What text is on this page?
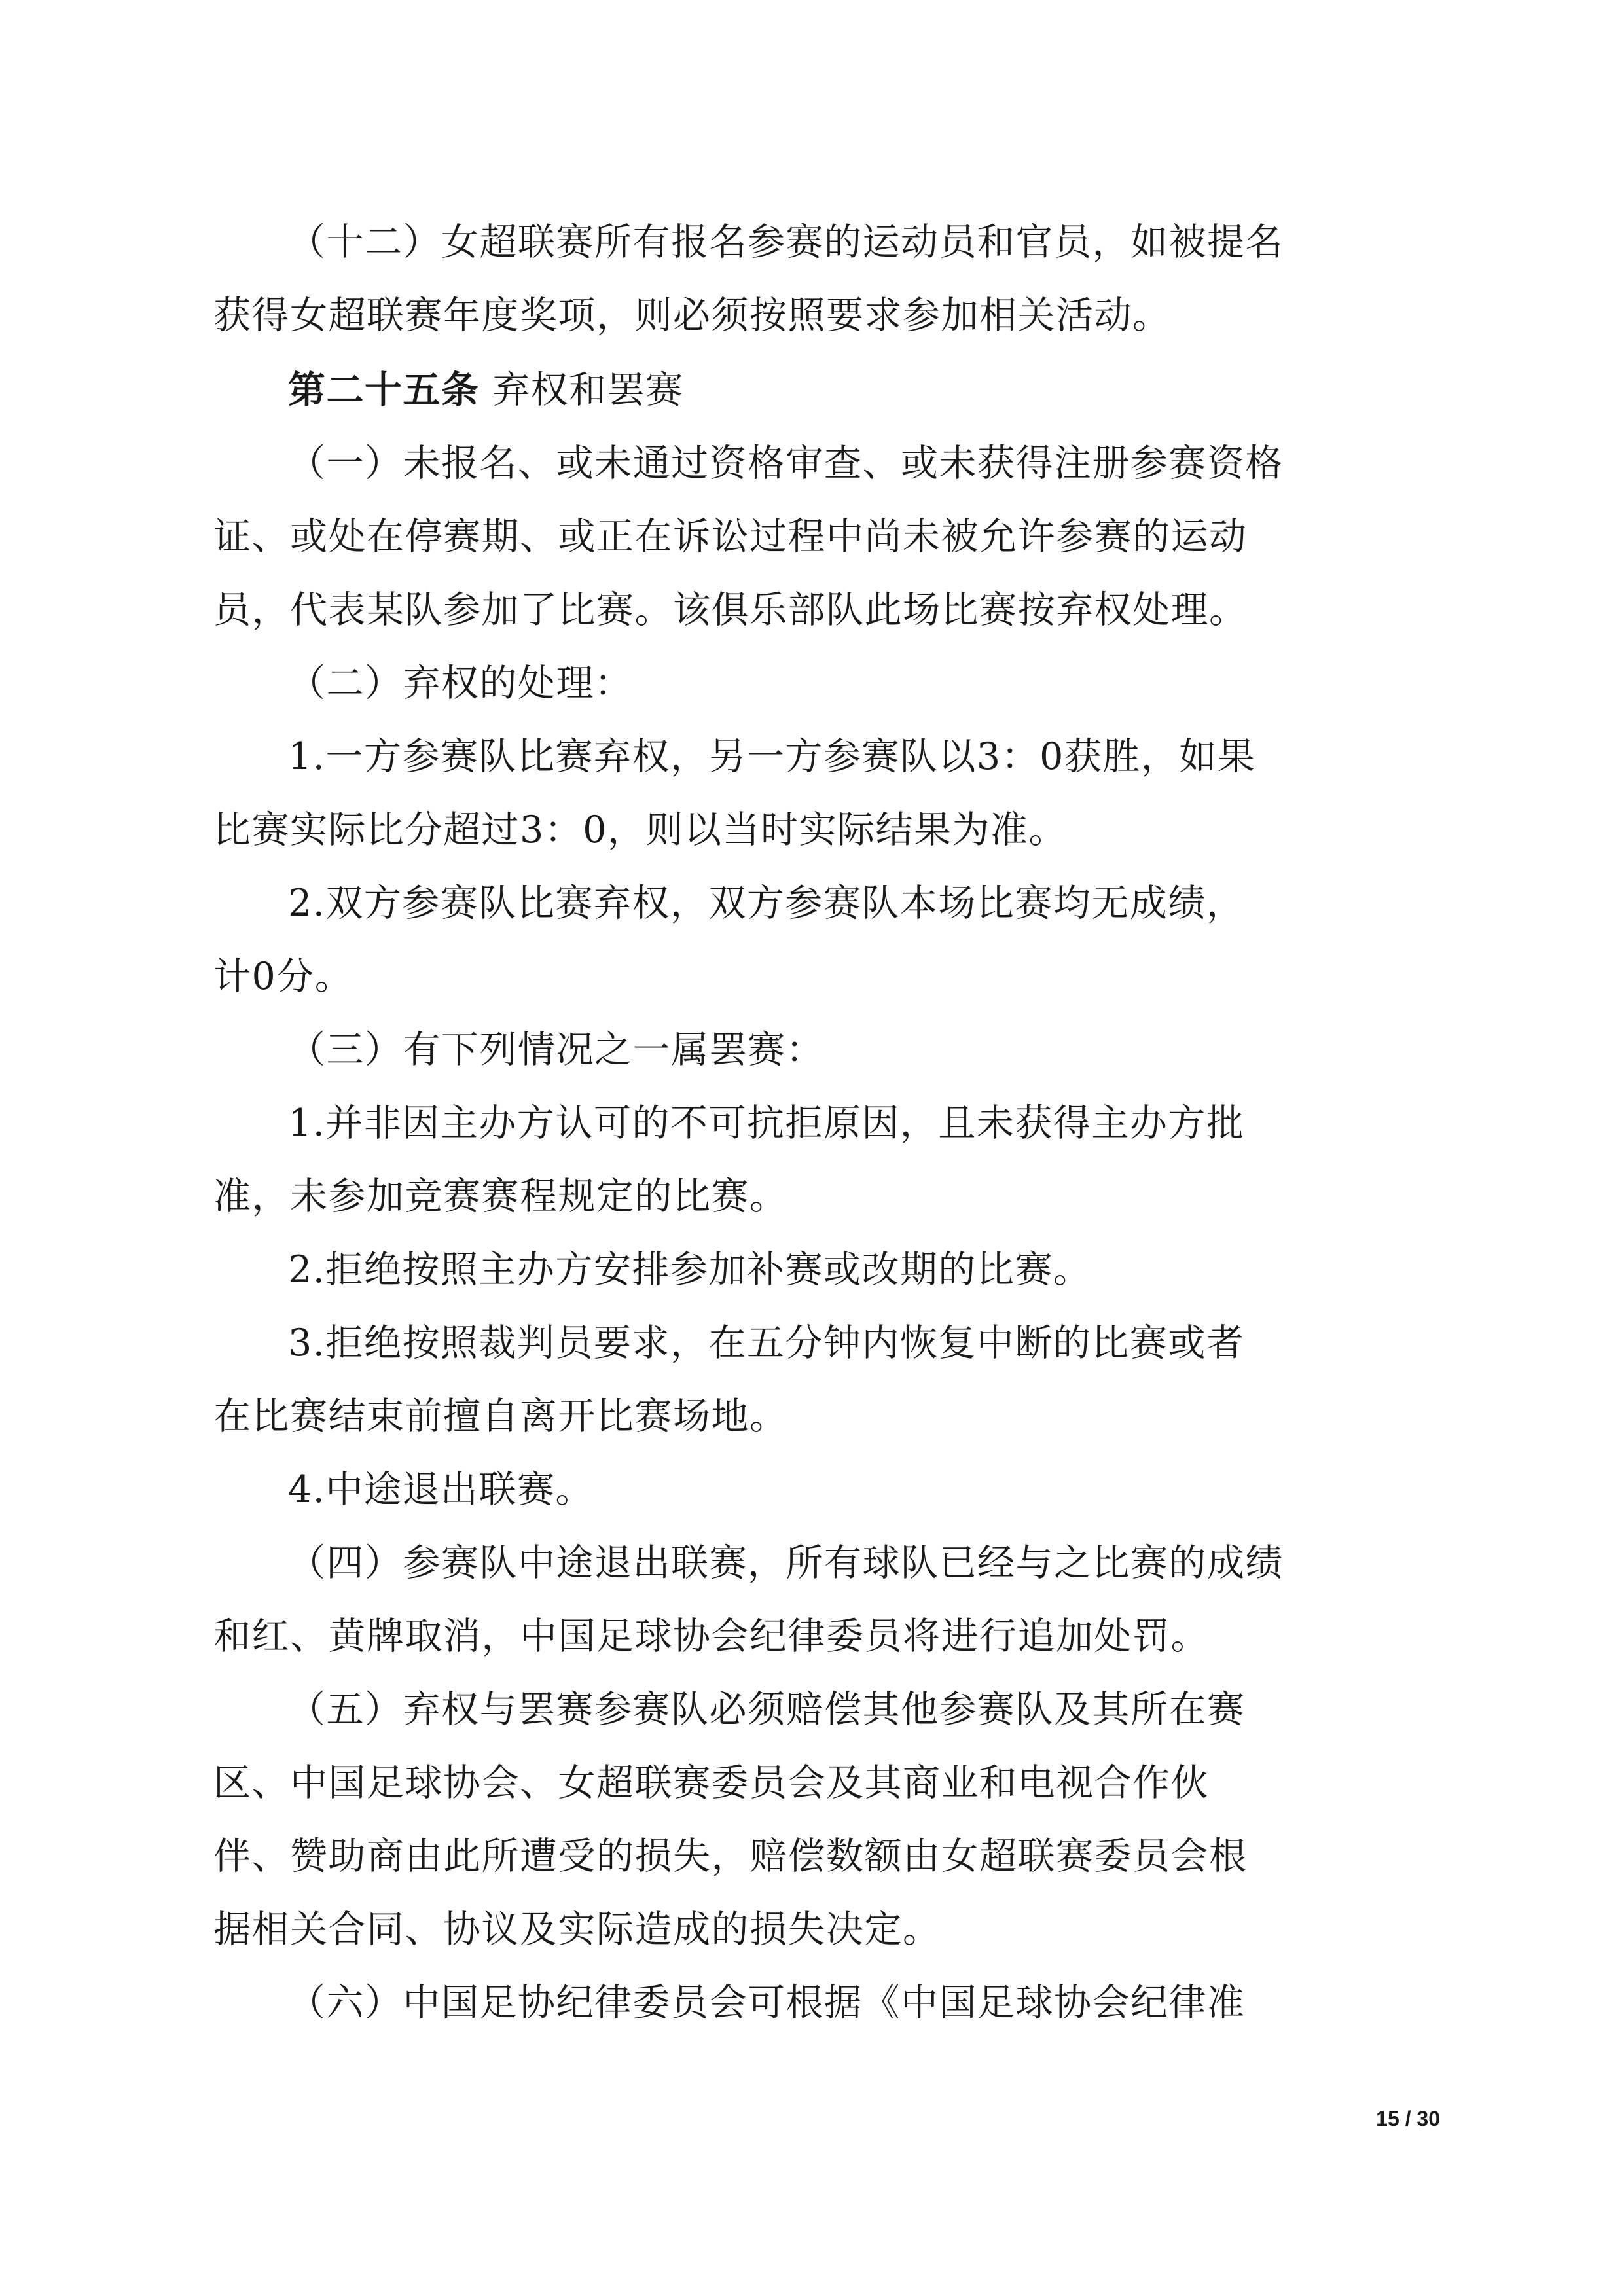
（十二）女超联赛所有报名参赛的运动员和官员，如被提名
获得女超联赛年度奖项，则必须按照要求参加相关活动。
第二十五条 弃权和罢赛
（一）未报名、或未通过资格审查、或未获得注册参赛资格
证、或处在停赛期、或正在诉讼过程中尚未被允许参赛的运动
员，代表某队参加了比赛。该俱乐部队此场比赛按弃权处理。
（二）弃权的处理：
1.一方参赛队比赛弃权，另一方参赛队以3：0获胜，如果
比赛实际比分超过3：0，则以当时实际结果为准。
2.双方参赛队比赛弃权，双方参赛队本场比赛均无成绩，
计0分。
（三）有下列情况之一属罢赛：
1.并非因主办方认可的不可抗拒原因，且未获得主办方批
准，未参加竞赛赛程规定的比赛。
2.拒绝按照主办方安排参加补赛或改期的比赛。
3.拒绝按照裁判员要求，在五分钟内恢复中断的比赛或者
在比赛结束前擅自离开比赛场地。
4.中途退出联赛。
（四）参赛队中途退出联赛，所有球队已经与之比赛的成绩
和红、黄牌取消，中国足球协会纪律委员将进行追加处罚。
（五）弃权与罢赛参赛队必须赔偿其他参赛队及其所在赛
区、中国足球协会、女超联赛委员会及其商业和电视合作伙
伴、赞助商由此所遭受的损失，赔偿数额由女超联赛委员会根
据相关合同、协议及实际造成的损失决定。
（六）中国足协纪律委员会可根据《中国足球协会纪律准
15 / 30
